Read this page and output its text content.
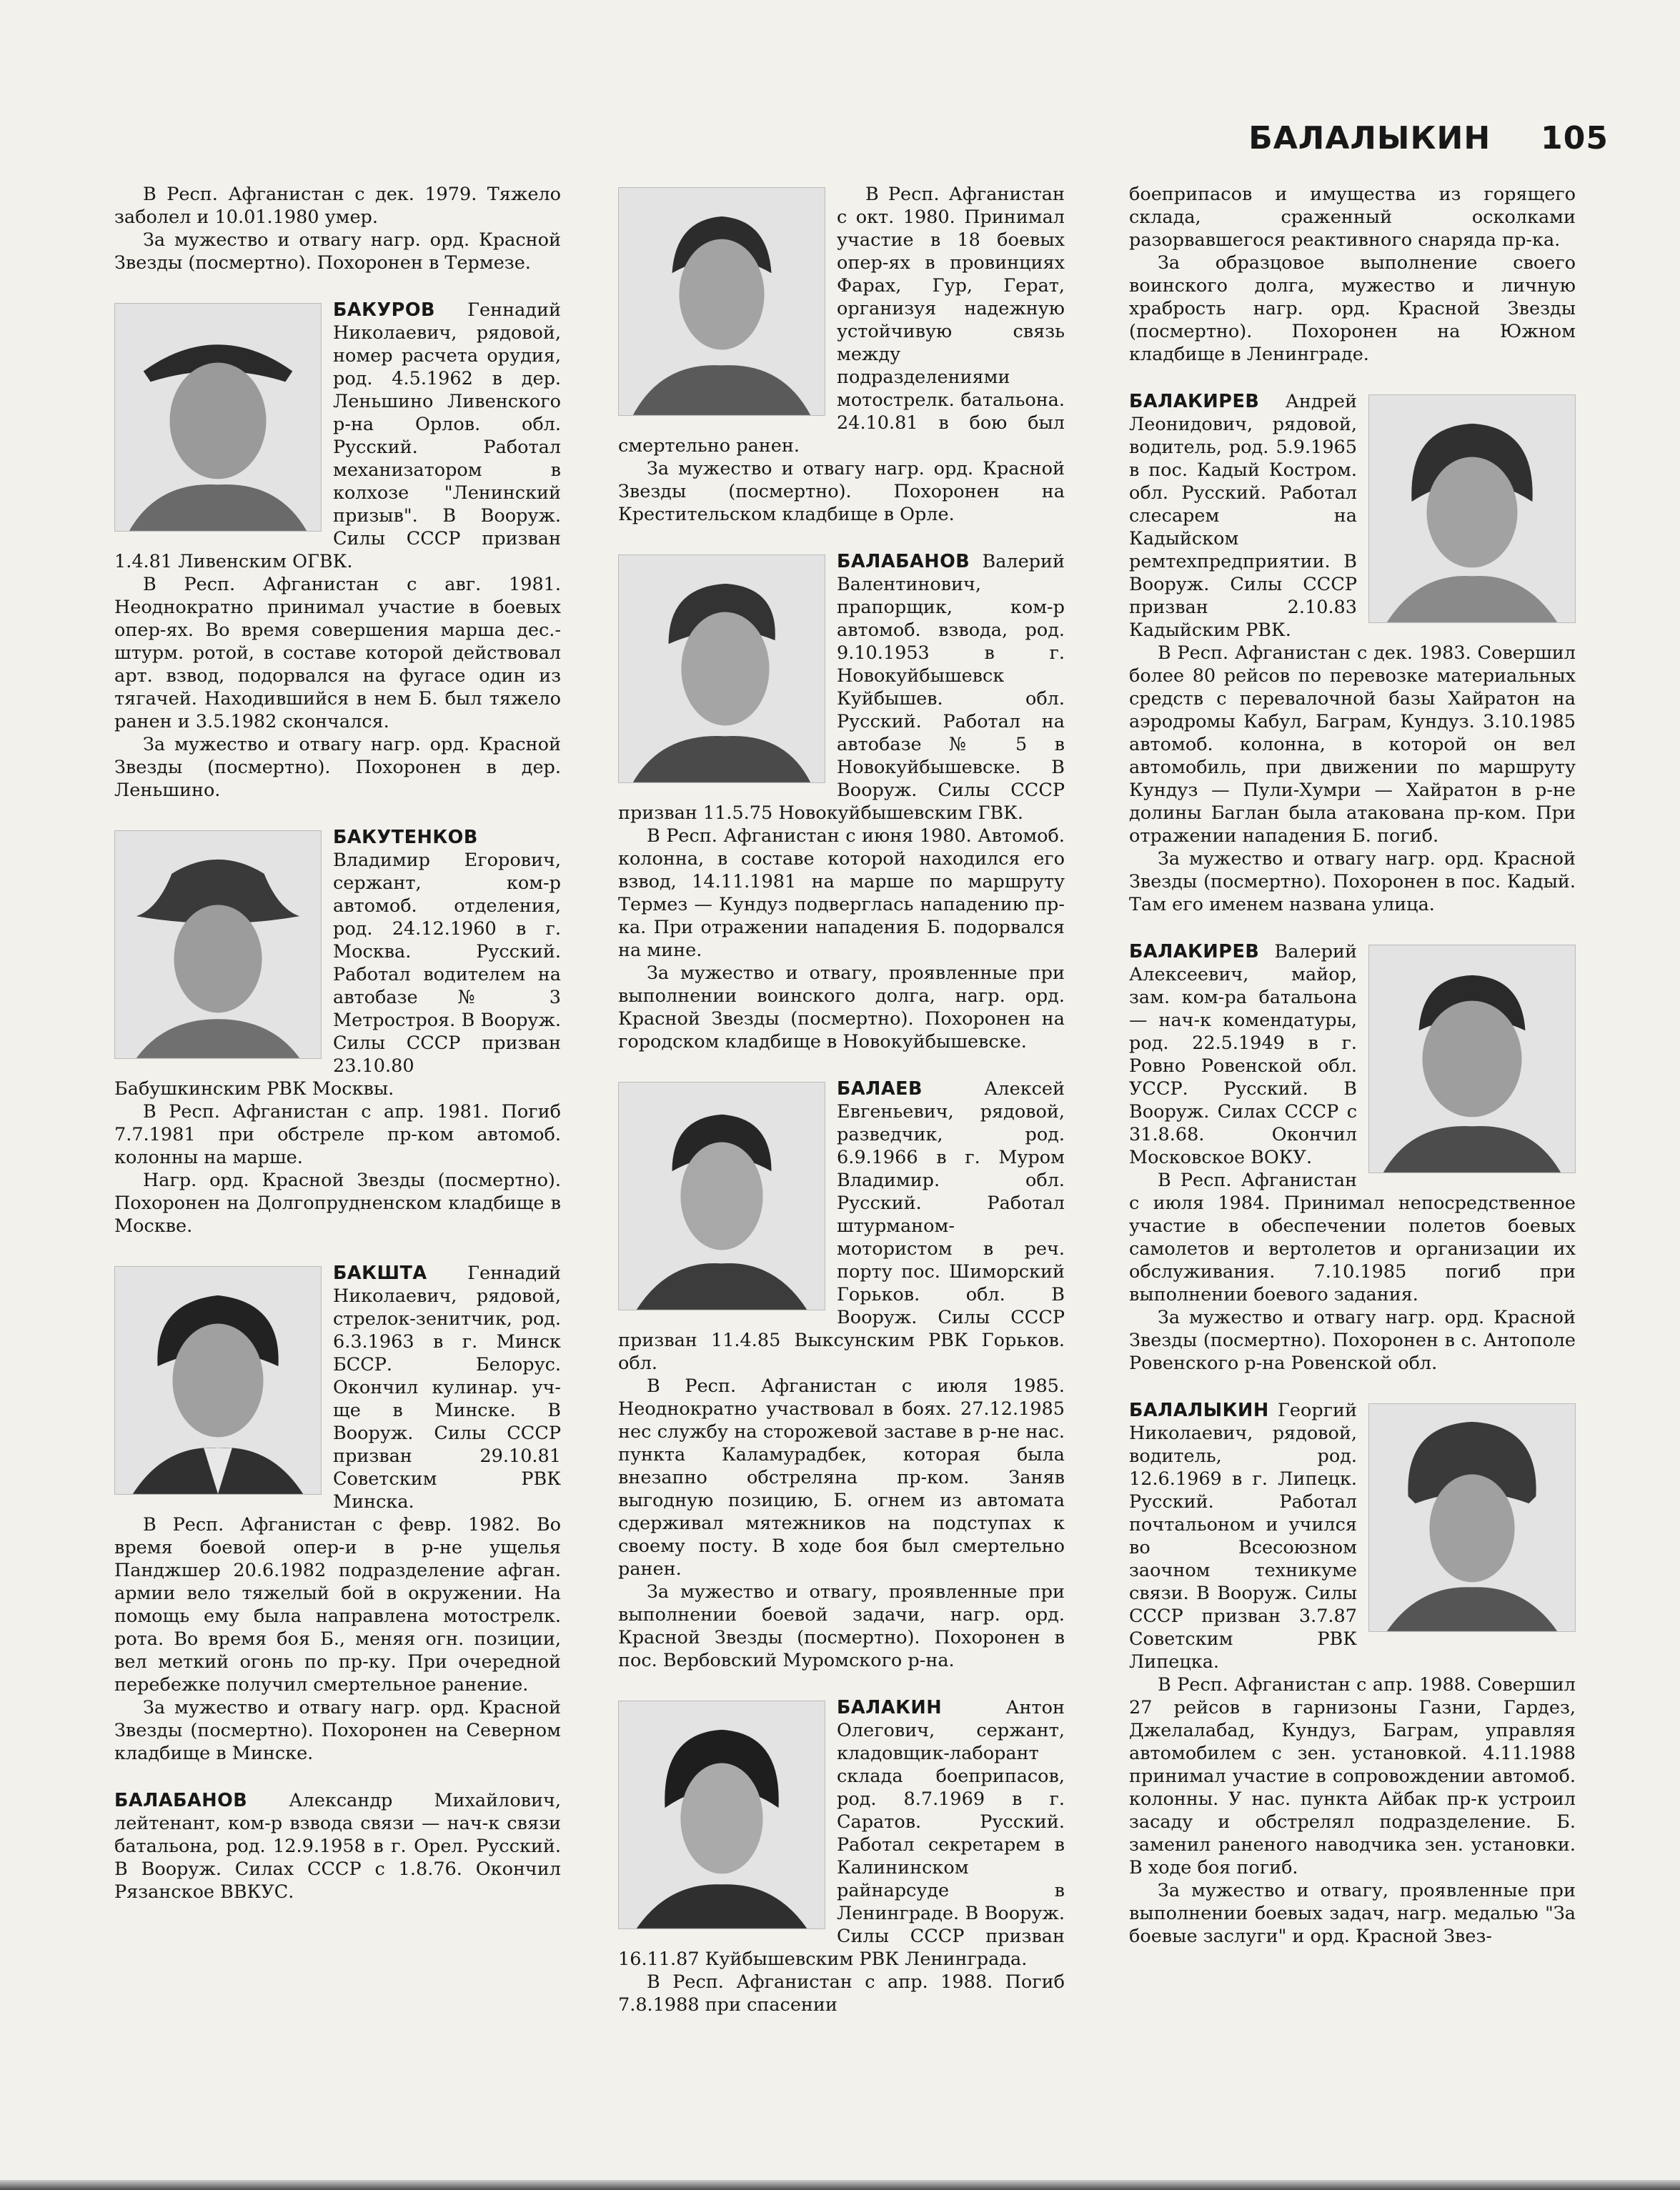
БАЛАЛЫКИН 105

В Респ. Афганистан с дек. 1979. Тяжело заболел и 10.01.1980 умер.

За мужество и отвагу нагр. орд. Красной Звезды (посмертно). Похоронен в Термезе.

БАКУРОВ Геннадий Николаевич, рядовой, номер расчета орудия, род. 4.5.1962 в дер. Леньшино Ливенского р-на Орлов. обл. Русский. Работал механизатором в колхозе "Ленинский призыв". В Вооруж. Силы СССР призван 1.4.81 Ливенским ОГВК.

В Респ. Афганистан с авг. 1981. Неоднократно принимал участие в боевых опер-ях. Во время совершения марша дес.-штурм. ротой, в составе которой действовал арт. взвод, подорвался на фугасе один из тягачей. Находившийся в нем Б. был тяжело ранен и 3.5.1982 скончался.

За мужество и отвагу нагр. орд. Красной Звезды (посмертно). Похоронен в дер. Леньшино.

БАКУТЕНКОВ Владимир Егорович, сержант, ком-р автомоб. отделения, род. 24.12.1960 в г. Москва. Русский. Работал водителем на автобазе № 3 Метростроя. В Вооруж. Силы СССР призван 23.10.80 Бабушкинским РВК Москвы.

В Респ. Афганистан с апр. 1981. Погиб 7.7.1981 при обстреле пр-ком автомоб. колонны на марше.

Нагр. орд. Красной Звезды (посмертно). Похоронен на Долгопрудненском кладбище в Москве.

БАКШТА Геннадий Николаевич, рядовой, стрелок-зенитчик, род. 6.3.1963 в г. Минск БССР. Белорус. Окончил кулинар. уч-ще в Минске. В Вооруж. Силы СССР призван 29.10.81 Советским РВК Минска.

В Респ. Афганистан с февр. 1982. Во время боевой опер-и в р-не ущелья Панджшер 20.6.1982 подразделение афган. армии вело тяжелый бой в окружении. На помощь ему была направлена мотострелк. рота. Во время боя Б., меняя огн. позиции, вел меткий огонь по пр-ку. При очередной перебежке получил смертельное ранение.

За мужество и отвагу нагр. орд. Красной Звезды (посмертно). Похоронен на Северном кладбище в Минске.

БАЛАБАНОВ Александр Михайлович, лейтенант, ком-р взвода связи — нач-к связи батальона, род. 12.9.1958 в г. Орел. Русский. В Вооруж. Силах СССР с 1.8.76. Окончил Рязанское ВВКУС.

В Респ. Афганистан с окт. 1980. Принимал участие в 18 боевых опер-ях в провинциях Фарах, Гур, Герат, организуя надежную устойчивую связь между подразделениями мотострелк. батальона. 24.10.81 в бою был смертельно ранен.

За мужество и отвагу нагр. орд. Красной Звезды (посмертно). Похоронен на Крестительском кладбище в Орле.

БАЛАБАНОВ Валерий Валентинович, прапорщик, ком-р автомоб. взвода, род. 9.10.1953 в г. Новокуйбышевск Куйбышев. обл. Русский. Работал на автобазе № 5 в Новокуйбышевске. В Вооруж. Силы СССР призван 11.5.75 Новокуйбышевским ГВК.

В Респ. Афганистан с июня 1980. Автомоб. колонна, в составе которой находился его взвод, 14.11.1981 на марше по маршруту Термез — Кундуз подверглась нападению пр-ка. При отражении нападения Б. подорвался на мине.

За мужество и отвагу, проявленные при выполнении воинского долга, нагр. орд. Красной Звезды (посмертно). Похоронен на городском кладбище в Новокуйбышевске.

БАЛАЕВ Алексей Евгеньевич, рядовой, разведчик, род. 6.9.1966 в г. Муром Владимир. обл. Русский. Работал штурманом-мотористом в реч. порту пос. Шиморский Горьков. обл. В Вооруж. Силы СССР призван 11.4.85 Выксунским РВК Горьков. обл.

В Респ. Афганистан с июля 1985. Неоднократно участвовал в боях. 27.12.1985 нес службу на сторожевой заставе в р-не нас. пункта Каламурадбек, которая была внезапно обстреляна пр-ком. Заняв выгодную позицию, Б. огнем из автомата сдерживал мятежников на подступах к своему посту. В ходе боя был смертельно ранен.

За мужество и отвагу, проявленные при выполнении боевой задачи, нагр. орд. Красной Звезды (посмертно). Похоронен в пос. Вербовский Муромского р-на.

БАЛАКИН Антон Олегович, сержант, кладовщик-лаборант склада боеприпасов, род. 8.7.1969 в г. Саратов. Русский. Работал секретарем в Калининском райнарсуде в Ленинграде. В Вооруж. Силы СССР призван 16.11.87 Куйбышевским РВК Ленинграда.

В Респ. Афганистан с апр. 1988. Погиб 7.8.1988 при спасении

боеприпасов и имущества из горящего склада, сраженный осколками разорвавшегося реактивного снаряда пр-ка.

За образцовое выполнение своего воинского долга, мужество и личную храбрость нагр. орд. Красной Звезды (посмертно). Похоронен на Южном кладбище в Ленинграде.

БАЛАКИРЕВ Андрей Леонидович, рядовой, водитель, род. 5.9.1965 в пос. Кадый Костром. обл. Русский. Работал слесарем на Кадыйском ремтехпредприятии. В Вооруж. Силы СССР призван 2.10.83 Кадыйским РВК.

В Респ. Афганистан с дек. 1983. Совершил более 80 рейсов по перевозке материальных средств с перевалочной базы Хайратон на аэродромы Кабул, Баграм, Кундуз. 3.10.1985 автомоб. колонна, в которой он вел автомобиль, при движении по маршруту Кундуз — Пули-Хумри — Хайратон в р-не долины Баглан была атакована пр-ком. При отражении нападения Б. погиб.

За мужество и отвагу нагр. орд. Красной Звезды (посмертно). Похоронен в пос. Кадый. Там его именем названа улица.

БАЛАКИРЕВ Валерий Алексеевич, майор, зам. ком-ра батальона — нач-к комендатуры, род. 22.5.1949 в г. Ровно Ровенской обл. УССР. Русский. В Вооруж. Силах СССР с 31.8.68. Окончил Московское ВОКУ.

В Респ. Афганистан с июля 1984. Принимал непосредственное участие в обеспечении полетов боевых самолетов и вертолетов и организации их обслуживания. 7.10.1985 погиб при выполнении боевого задания.

За мужество и отвагу нагр. орд. Красной Звезды (посмертно). Похоронен в с. Антополе Ровенского р-на Ровенской обл.

БАЛАЛЫКИН Георгий Николаевич, рядовой, водитель, род. 12.6.1969 в г. Липецк. Русский. Работал почтальоном и учился во Всесоюзном заочном техникуме связи. В Вооруж. Силы СССР призван 3.7.87 Советским РВК Липецка.

В Респ. Афганистан с апр. 1988. Совершил 27 рейсов в гарнизоны Газни, Гардез, Джелалабад, Кундуз, Баграм, управляя автомобилем с зен. установкой. 4.11.1988 принимал участие в сопровождении автомоб. колонны. У нас. пункта Айбак пр-к устроил засаду и обстрелял подразделение. Б. заменил раненого наводчика зен. установки. В ходе боя погиб.

За мужество и отвагу, проявленные при выполнении боевых задач, нагр. медалью "За боевые заслуги" и орд. Красной Звез-
